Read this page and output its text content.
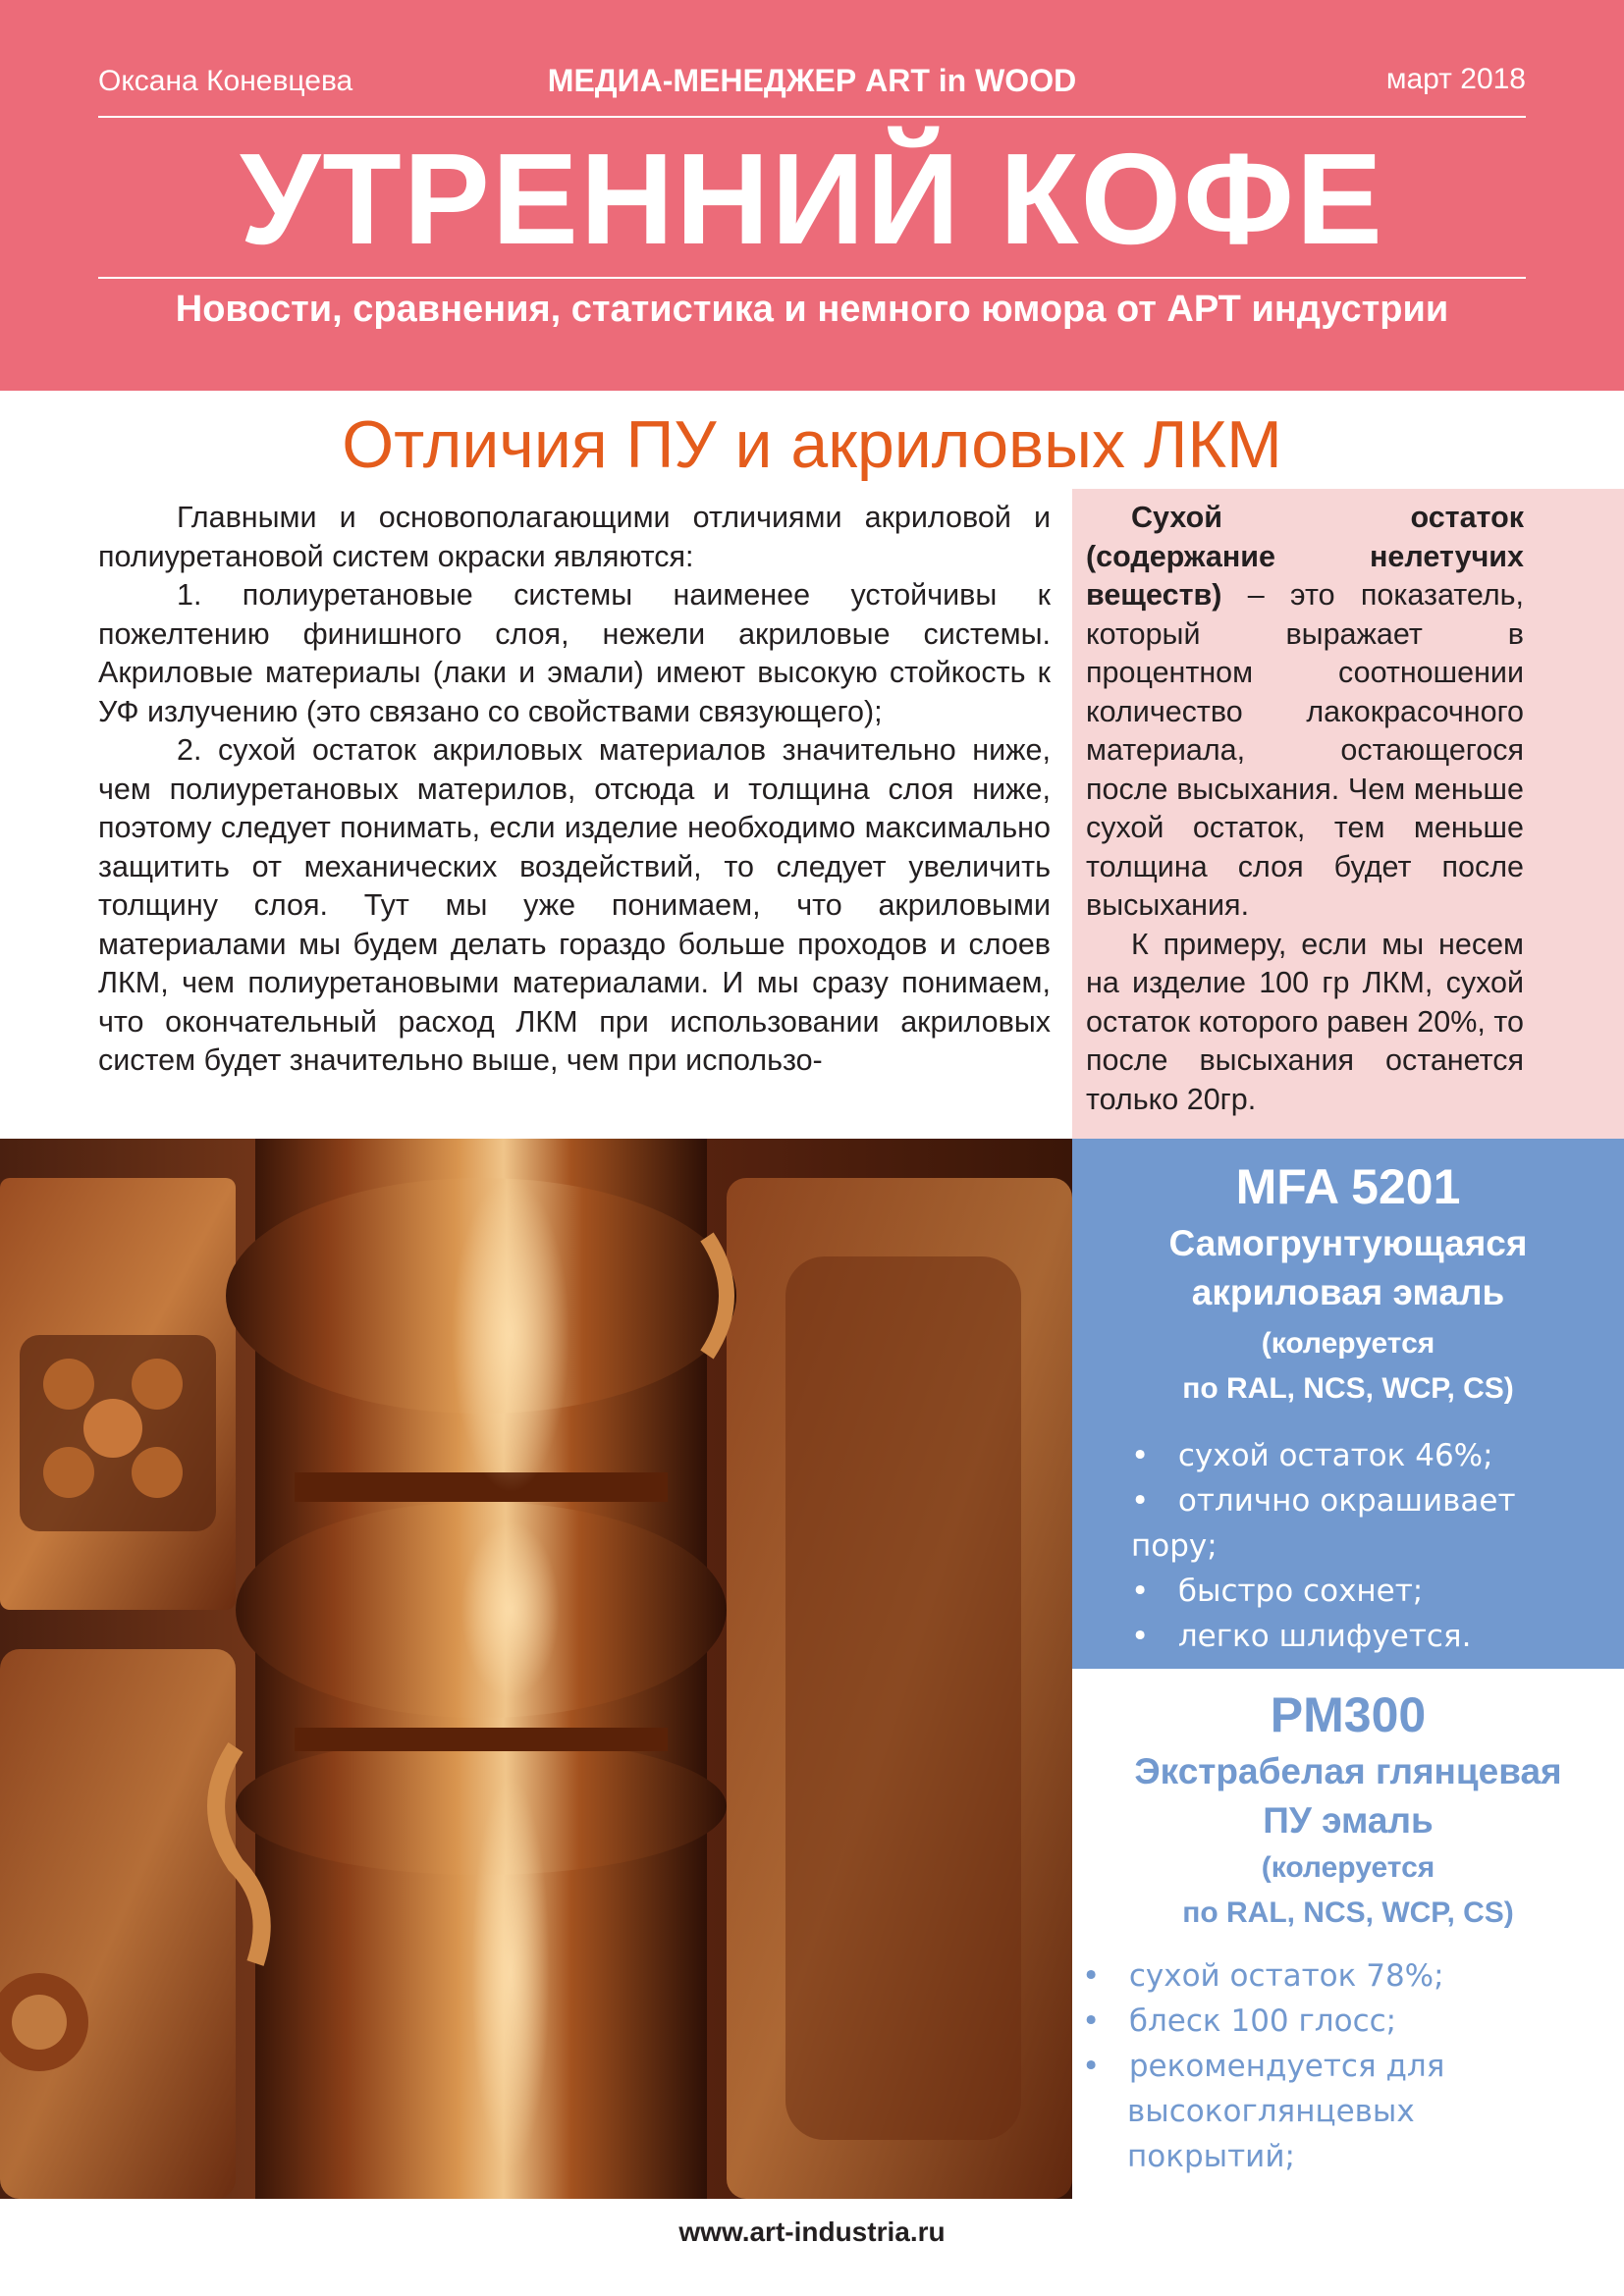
Оксана Коневцева	МЕДИА-МЕНЕДЖЕР ART in WOOD	март 2018
УТРЕННИЙ КОФЕ
Новости, сравнения, статистика и немного юмора от АРТ индустрии
Отличия ПУ и акриловых ЛКМ

Главными и основополагающими отличиями акриловой и полиуретановой систем окраски являются:

1. полиуретановые системы наименее устойчивы к пожелтению финишного слоя, нежели акриловые системы. Акриловые материалы (лаки и эмали) имеют высокую стойкость к УФ излучению (это связано со свойствами связующего);

2. сухой остаток акриловых материалов значительно ниже, чем полиуретановых материлов, отсюда и толщина слоя ниже, поэтому следует понимать, если изделие необходимо максимально защитить от механических воздействий, то следует увеличить толщину слоя. Тут мы уже понимаем, что акриловыми материалами мы будем делать гораздо больше проходов и слоев ЛКМ, чем полиуретановыми материалами. И мы сразу понимаем, что окончательный расход ЛКМ при использовании акриловых систем будет значительно выше, чем при использо-

Сухой остаток (содержание нелетучих веществ) – это показатель, который выражает в процентном соотношении количество лакокрасочного материала, остающегося после высыхания. Чем меньше сухой остаток, тем меньше толщина слоя будет после высыхания.

К примеру, если мы несем на изделие 100 гр ЛКМ, сухой остаток которого равен 20%, то после высыхания останется только 20гр.

MFA 5201
Самогрунтующаяся акриловая эмаль
(колеруется
по RAL, NCS, WCP, CS)
•   сухой остаток 46%;
•   отлично окрашивает пору;
•   быстро сохнет;
•   легко шлифуется.
PM300
Экстрабелая глянцевая ПУ эмаль
(колеруется
по RAL, NCS, WCP, CS)
•   сухой остаток 78%;
•   блеск 100 глосс;
•   рекомендуется для высокоглянцевых покрытий;
www.art-industria.ru
